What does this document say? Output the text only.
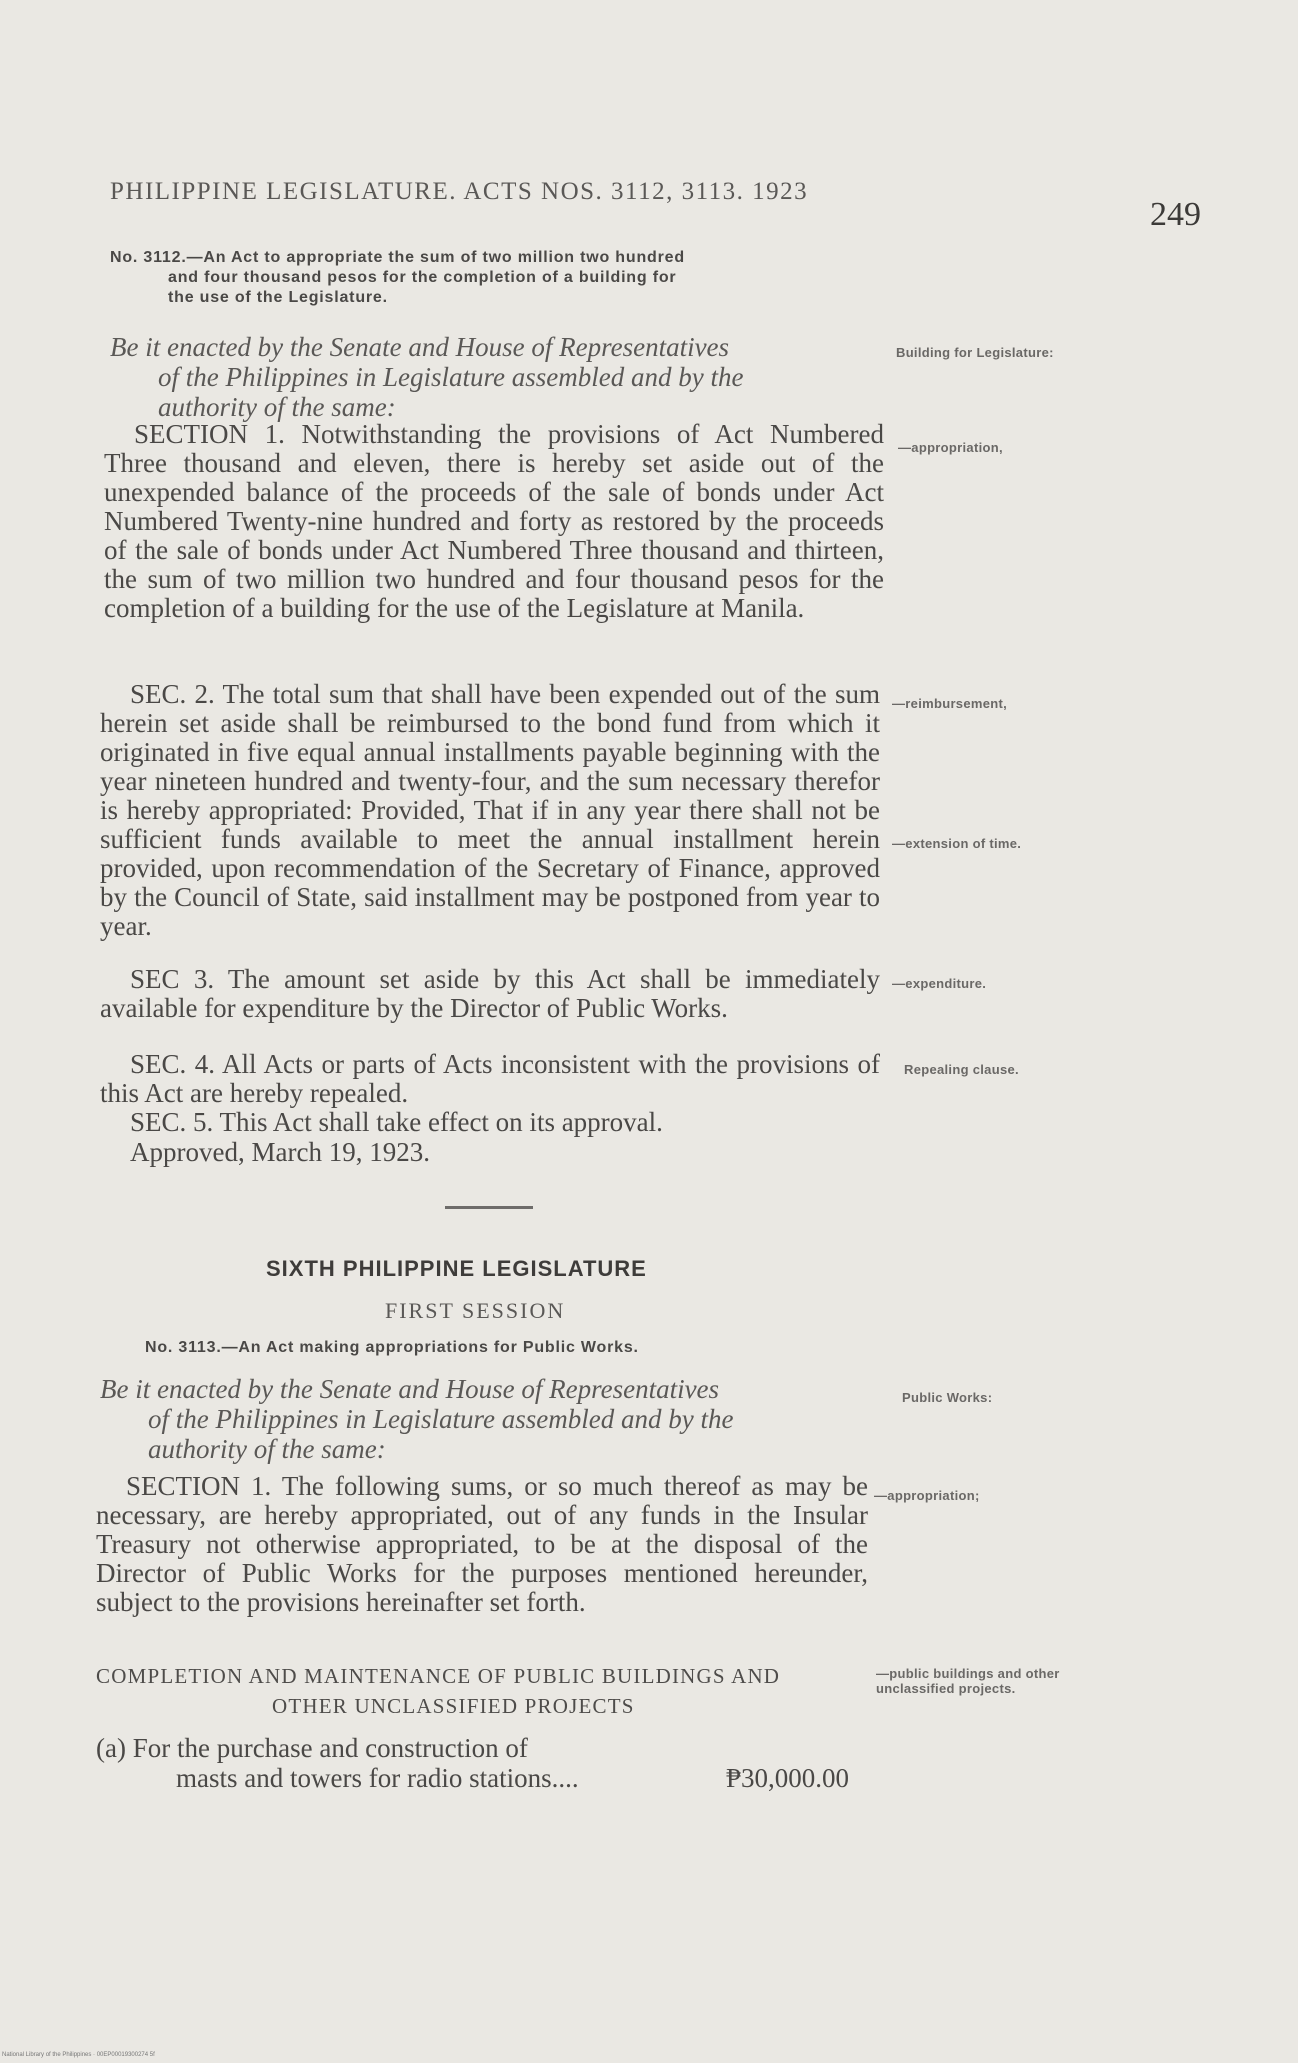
PHILIPPINE LEGISLATURE. ACTS NOS. 3112, 3113. 1923
249
No. 3112.—An Act to appropriate the sum of two million two hundred
and four thousand pesos for the completion of a building for
the use of the Legislature.
Be it enacted by the Senate and House of Representatives
of the Philippines in Legislature assembled and by the
authority of the same:
Building for Legislature:

SECTION 1. Notwithstanding the provisions of Act Numbered Three thousand and eleven, there is hereby set aside out of the unexpended balance of the proceeds of the sale of bonds under Act Numbered Twenty-nine hundred and forty as restored by the proceeds of the sale of bonds under Act Numbered Three thousand and thirteen, the sum of two million two hundred and four thousand pesos for the completion of a building for the use of the Legislature at Manila.

—appropriation,

SEC. 2. The total sum that shall have been expended out of the sum herein set aside shall be reimbursed to the bond fund from which it originated in five equal annual installments payable beginning with the year nineteen hundred and twenty-four, and the sum necessary therefor is hereby appropriated: Provided, That if in any year there shall not be sufficient funds available to meet the annual installment herein provided, upon recommendation of the Secretary of Finance, approved by the Council of State, said installment may be postponed from year to year.

—reimbursement,
—extension of time.

SEC 3. The amount set aside by this Act shall be immediately available for expenditure by the Director of Public Works.

—expenditure.

SEC. 4. All Acts or parts of Acts inconsistent with the provisions of this Act are hereby repealed.

Repealing clause.

SEC. 5. This Act shall take effect on its approval.

Approved, March 19, 1923.

SIXTH PHILIPPINE LEGISLATURE
FIRST SESSION
No. 3113.—An Act making appropriations for Public Works.
Be it enacted by the Senate and House of Representatives
of the Philippines in Legislature assembled and by the
authority of the same:
Public Works:

SECTION 1. The following sums, or so much thereof as may be necessary, are hereby appropriated, out of any funds in the Insular Treasury not otherwise appropriated, to be at the disposal of the Director of Public Works for the purposes mentioned hereunder, subject to the provisions hereinafter set forth.

—appropriation;
COMPLETION AND MAINTENANCE OF PUBLIC BUILDINGS AND
OTHER UNCLASSIFIED PROJECTS
—public buildings and other unclassified projects.
(a) For the purchase and construction of
masts and towers for radio stations....	₱30,000.00
National Library of the Philippines · 00EP00019300274 5f
